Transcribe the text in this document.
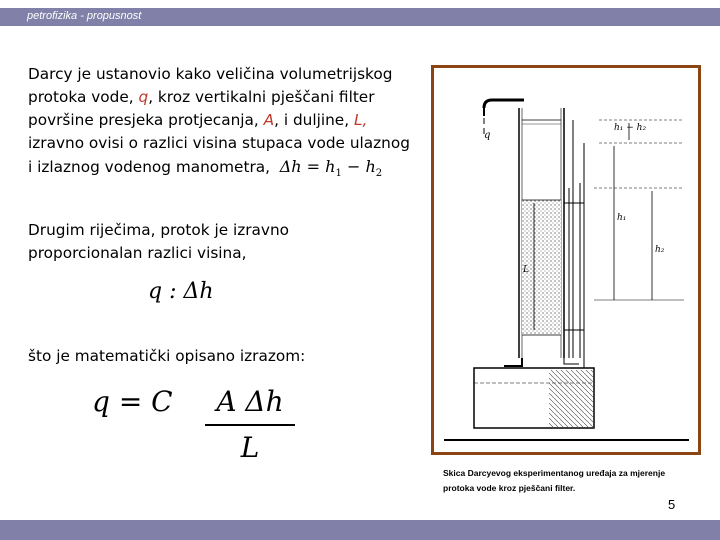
petrofizika - propusnost
Darcy je ustanovio kako veličina volumetrijskog protoka vode, q, kroz vertikalni pješčani filter površine presjeka protjecanja, A, i duljine, L, izravno ovisi o razlici visina stupaca vode ulaznog i izlaznog vodenog manometra, $\Delta h = h_1 - h_2$
Drugim riječima, protok je izravno proporcionalan razlici visina,
q : Δh
što je matematički opisano izrazom:
q = C	A Δh
L
q
h₁ − h₂
h₁
h₂
L
Skica Darcyevog eksperimentanog uređaja za mjerenje protoka vode kroz pješčani filter.
5
